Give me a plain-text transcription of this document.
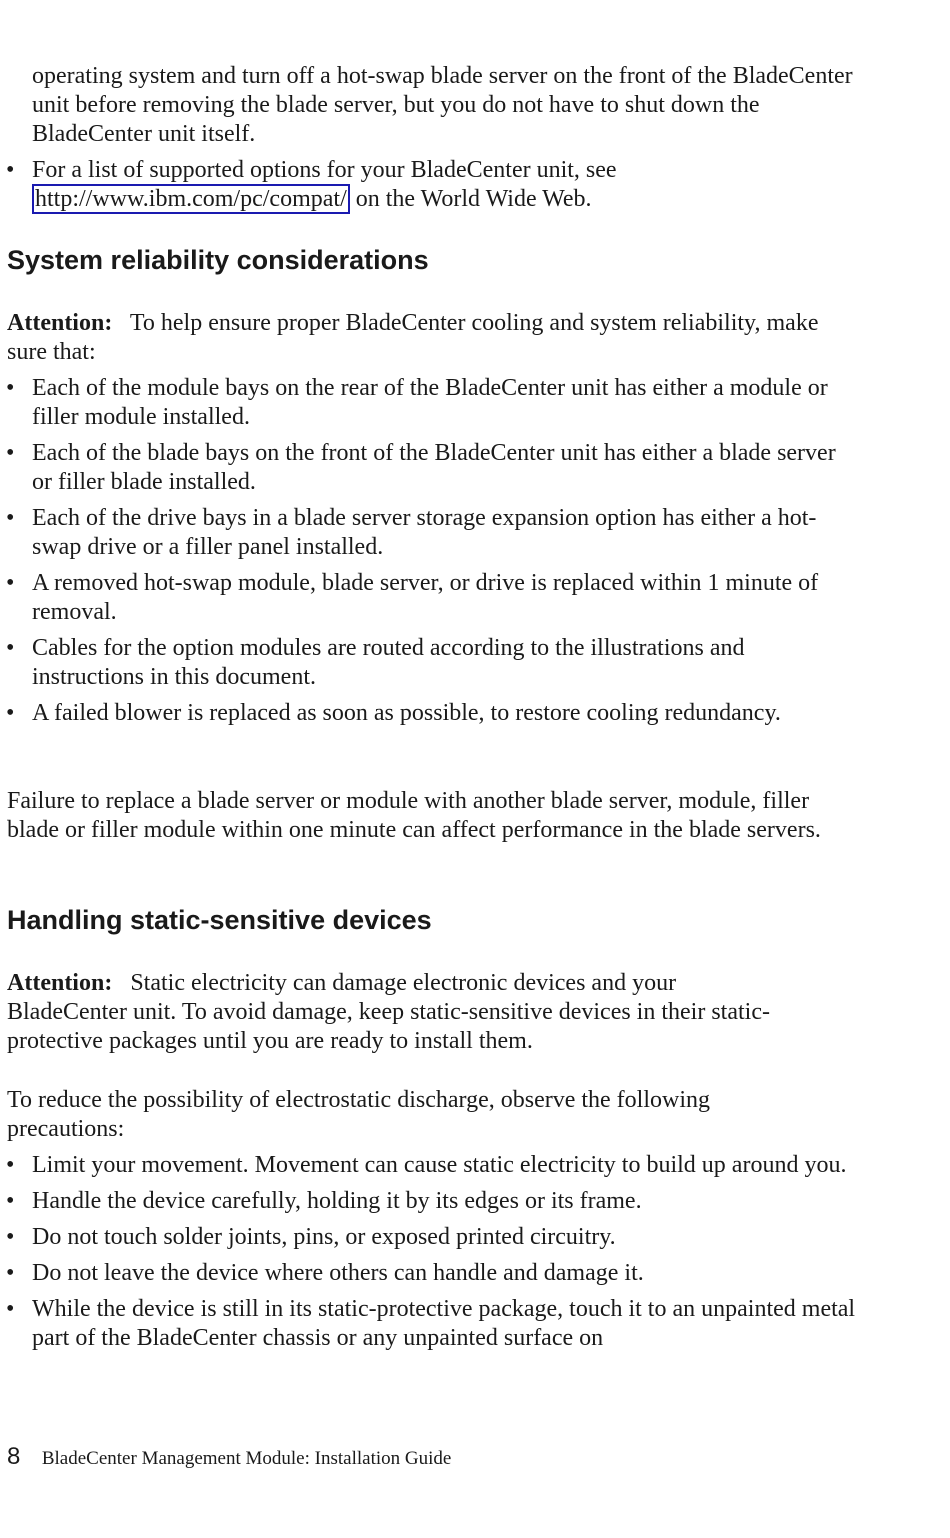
operating system and turn off a hot-swap blade server on the front of the BladeCenter unit before removing the blade server, but you do not have to shut down the BladeCenter unit itself.

• For a list of supported options for your BladeCenter unit, see http://www.ibm.com/pc/compat/ on the World Wide Web.
System reliability considerations

Attention: To help ensure proper BladeCenter cooling and system reliability, make sure that:

• Each of the module bays on the rear of the BladeCenter unit has either a module or filler module installed.
• Each of the blade bays on the front of the BladeCenter unit has either a blade server or filler blade installed.
• Each of the drive bays in a blade server storage expansion option has either a hot-swap drive or a filler panel installed.
• A removed hot-swap module, blade server, or drive is replaced within 1 minute of removal.
• Cables for the option modules are routed according to the illustrations and instructions in this document.
• A failed blower is replaced as soon as possible, to restore cooling redundancy.

Failure to replace a blade server or module with another blade server, module, filler blade or filler module within one minute can affect performance in the blade servers.

Handling static-sensitive devices

Attention: Static electricity can damage electronic devices and your BladeCenter unit. To avoid damage, keep static-sensitive devices in their static-protective packages until you are ready to install them.

To reduce the possibility of electrostatic discharge, observe the following precautions:

• Limit your movement. Movement can cause static electricity to build up around you.
• Handle the device carefully, holding it by its edges or its frame.
• Do not touch solder joints, pins, or exposed printed circuitry.
• Do not leave the device where others can handle and damage it.
• While the device is still in its static-protective package, touch it to an unpainted metal part of the BladeCenter chassis or any unpainted surface on
8 BladeCenter Management Module: Installation Guide
